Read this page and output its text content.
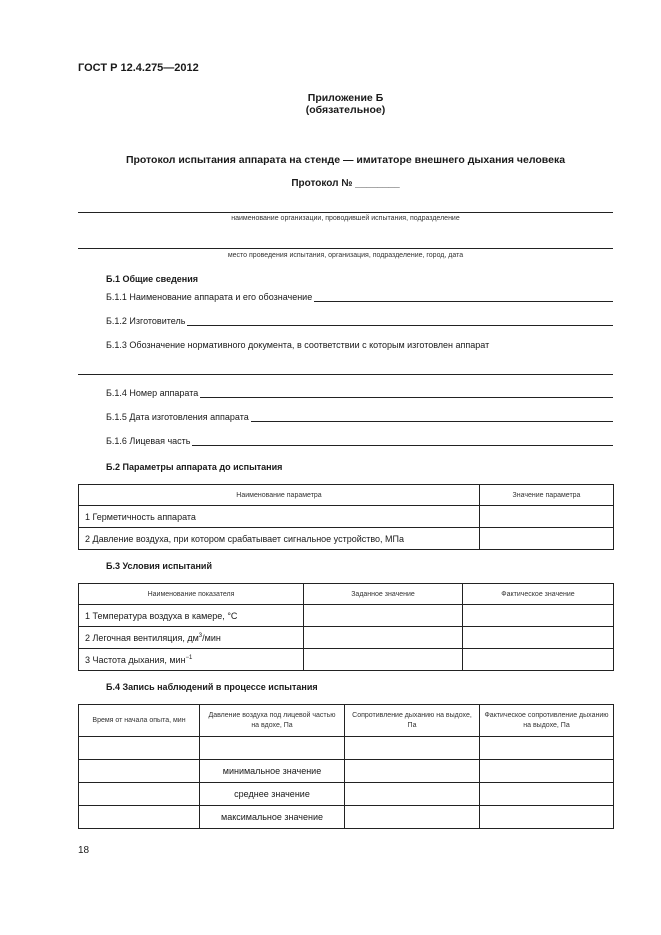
ГОСТ Р 12.4.275—2012
Приложение Б
(обязательное)
Протокол испытания аппарата на стенде — имитаторе внешнего дыхания человека
Протокол № ________
наименование организации, проводившей испытания, подразделение
место проведения испытания, организация, подразделение, город, дата
Б.1 Общие сведения
Б.1.1 Наименование аппарата и его обозначение
Б.1.2 Изготовитель
Б.1.3 Обозначение нормативного документа, в соответствии с которым изготовлен аппарат
Б.1.4 Номер аппарата
Б.1.5 Дата изготовления аппарата
Б.1.6 Лицевая часть
Б.2 Параметры аппарата до испытания
Наименование параметра	Значение параметра
1 Герметичность аппарата	
2 Давление воздуха, при котором срабатывает сигнальное устройство, МПа	
Б.3 Условия испытаний
Наименование показателя	Заданное значение	Фактическое значение
1 Температура воздуха в камере, °С		
2 Легочная вентиляция, $дм^3$/мин		
3 Частота дыхания, мин$^{-1}$		
Б.4 Запись наблюдений в процессе испытания
Время от начала опыта, мин	Давление воздуха под лицевой частью на вдохе, Па	Сопротивление дыханию на выдохе, Па	Фактическое сопротивление дыханию на выдохе, Па

	минимальное значение		
	среднее значение		
	максимальное значение		
18
